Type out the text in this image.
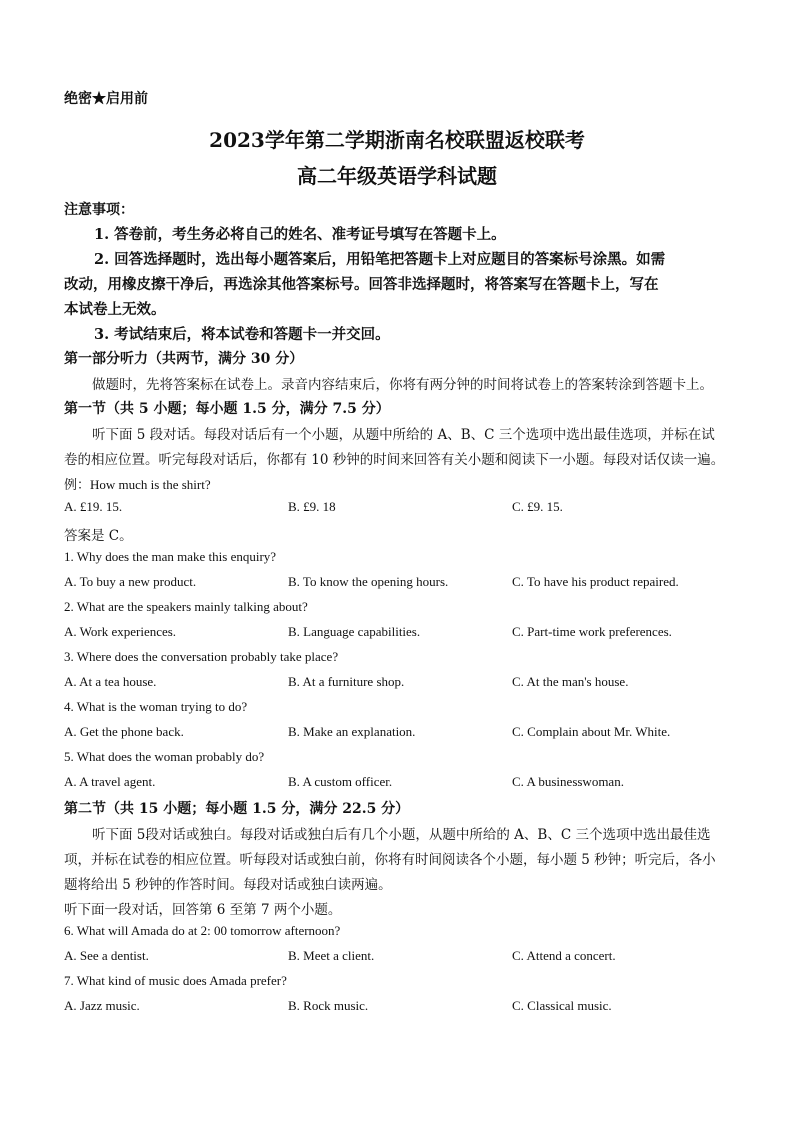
绝密★启用前
2023学年第二学期浙南名校联盟返校联考
高二年级英语学科试题
注意事项：
1. 答卷前，考生务必将自己的姓名、准考证号填写在答题卡上。
2. 回答选择题时，选出每小题答案后，用铅笔把答题卡上对应题目的答案标号涂黑。如需
改动，用橡皮擦干净后，再选涂其他答案标号。回答非选择题时，将答案写在答题卡上，写在
本试卷上无效。
3. 考试结束后，将本试卷和答题卡一并交回。
第一部分听力（共两节，满分 30 分）
做题时，先将答案标在试卷上。录音内容结束后，你将有两分钟的时间将试卷上的答案转涂到答题卡上。
第一节（共 5 小题；每小题 1.5 分，满分 7.5 分）
听下面 5 段对话。每段对话后有一个小题，从题中所给的 A、B、C 三个选项中选出最佳选项，并标在试
卷的相应位置。听完每段对话后，你都有 10 秒钟的时间来回答有关小题和阅读下一小题。每段对话仅读一遍。
例：How much is the shirt?
A. £19. 15.	B. £9. 18	C. £9. 15.
答案是 C。
1. Why does the man make this enquiry?
A. To buy a new product.	B. To know the opening hours.	C. To have his product repaired.
2. What are the speakers mainly talking about?
A. Work experiences.	B. Language capabilities.	C. Part-time work preferences.
3. Where does the conversation probably take place?
A. At a tea house.	B. At a furniture shop.	C. At the man's house.
4. What is the woman trying to do?
A. Get the phone back.	B. Make an explanation.	C. Complain about Mr. White.
5. What does the woman probably do?
A. A travel agent.	B. A custom officer.	C. A businesswoman.
第二节（共 15 小题；每小题 1.5 分，满分 22.5 分）
听下面 5段对话或独白。每段对话或独白后有几个小题，从题中所给的 A、B、C 三个选项中选出最佳选
项，并标在试卷的相应位置。听每段对话或独白前，你将有时间阅读各个小题，每小题 5 秒钟；听完后，各小
题将给出 5 秒钟的作答时间。每段对话或独白读两遍。
听下面一段对话，回答第 6 至第 7 两个小题。
6. What will Amada do at 2: 00 tomorrow afternoon?
A. See a dentist.	B. Meet a client.	C. Attend a concert.
7. What kind of music does Amada prefer?
A. Jazz music.	B. Rock music.	C. Classical music.
